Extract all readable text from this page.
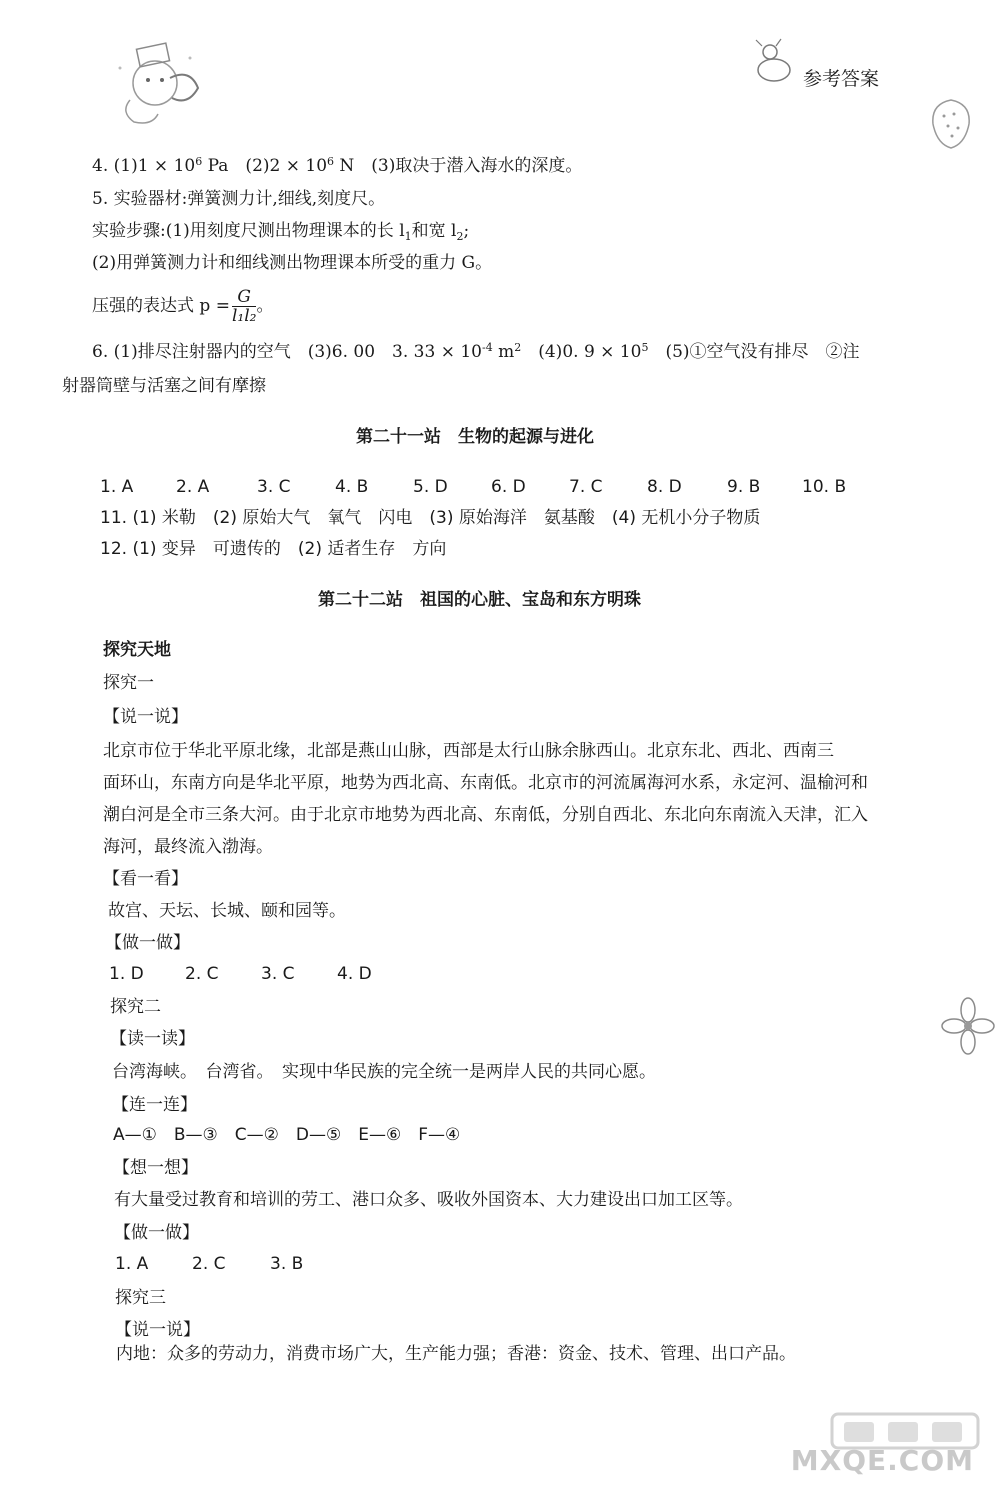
参考答案
4. $(1)1 \times 10^6$ Pa　$(2)2 \times 10^6$ N　(3)取决于潜入海水的深度。
5. 实验器材:弹簧测力计,细线,刻度尺。
实验步骤:(1)用刻度尺测出物理课本的长 $l_1$和宽 $l_2$;
(2)用弹簧测力计和细线测出物理课本所受的重力 G。
压强的表达式 $p = \frac{G}{\text{l₁l₂}}$ 。
6. (1)排尽注射器内的空气　(3)6. 00　3. $33 \times 10^{-4}$ $m^2$　(4)0. $9 \times 10^5$　(5)①空气没有排尽　②注
射器筒壁与活塞之间有摩擦
第二十一站　生物的起源与进化
1. A	2. A	3. C	4. B	5. D	6. D	7. C	8. D	9. B 10. B
11. (1) 米勒　(2) 原始大气　氧气　闪电　(3) 原始海洋　氨基酸　(4) 无机小分子物质
12. (1) 变异　可遗传的　(2) 适者生存　方向
第二十二站　祖国的心脏、宝岛和东方明珠
探究天地
探究一
【说一说】
北京市位于华北平原北缘，北部是燕山山脉，西部是太行山脉余脉西山。北京东北、西北、西南三
面环山，东南方向是华北平原，地势为西北高、东南低。北京市的河流属海河水系，永定河、温榆河和
潮白河是全市三条大河。由于北京市地势为西北高、东南低，分别自西北、东北向东南流入天津，汇入
海河，最终流入渤海。
【看一看】
故宫、天坛、长城、颐和园等。
【做一做】
1. D 2. C	3. C	4. D
探究二
【读一读】
台湾海峡。　台湾省。　实现中华民族的完全统一是两岸人民的共同心愿。
【连一连】
A—①　B—③　C—②　D—⑤　E—⑥　F—④
【想一想】
有大量受过教育和培训的劳工、港口众多、吸收外国资本、大力建设出口加工区等。
【做一做】
1. A	2. C	3. B
探究三
【说一说】
内地：众多的劳动力，消费市场广大，生产能力强；香港：资金、技术、管理、出口产品。
MXQE.COM
